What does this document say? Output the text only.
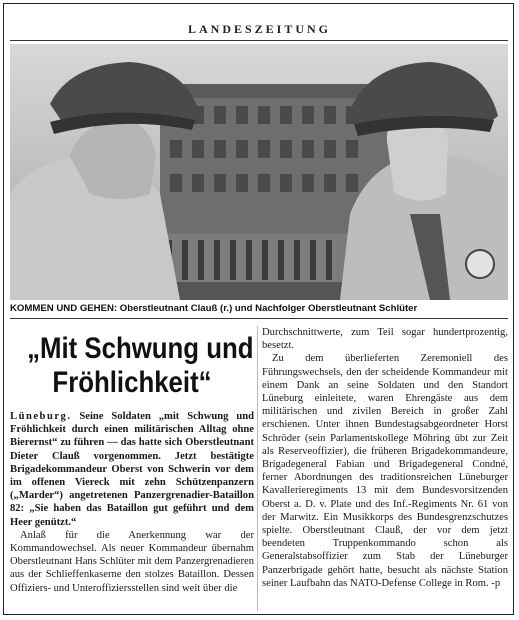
LANDESZEITUNG
KOMMEN UND GEHEN: Oberstleutnant Clauß (r.) und Nachfolger Oberstleutnant Schlüter
„Mit Schwung und
Fröhlichkeit“

Lüneburg. Seine Soldaten „mit Schwung und Fröhlichkeit durch einen militärischen Alltag ohne Bierernst“ zu führen — das hatte sich Oberstleutnant Dieter Clauß vorgenommen. Jetzt bestätigte Brigadekommandeur Oberst von Schwerin vor dem im offenen Viereck mit zehn Schützenpanzern („Marder“) angetretenen Panzergrenadier-Bataillon 82: „Sie haben das Bataillon gut geführt und dem Heer genützt.“

Anlaß für die Anerkennung war der Kommandowechsel. Als neuer Kommandeur übernahm Oberstleutnant Hans Schlüter mit dem Panzergrenadieren aus der Schlieffenkaserne den stolzes Bataillon. Dessen Offiziers- und Unteroffiziersstellen sind weit über die

Durchschnittwerte, zum Teil sogar hundertprozentig, besetzt.

Zu dem überlieferten Zeremoniell des Führungswechsels, den der scheidende Kommandeur mit einem Dank an seine Soldaten und den Standort Lüneburg einleitete, waren Ehrengäste aus dem militärischen und zivilen Bereich in großer Zahl erschienen. Unter ihnen Bundestagsabgeordneter Horst Schröder (sein Parlamentskollege Möhring übt zur Zeit als Reserveoffizier), die früheren Brigadekommandeure, Brigadegeneral Fabian und Brigadegeneral Condné, ferner Abordnungen des traditionsreichen Lüneburger Kavallerieregiments 13 mit dem Bundesvorsitzenden Oberst a. D. v. Plate und des Inf.-Regiments Nr. 61 von der Marwitz. Ein Musikkorps des Bundesgrenzschutzes spielte. Oberstleutnant Clauß, der vor dem jetzt beendeten Truppenkommando schon als Generalstabsoffizier zum Stab der Lüneburger Panzerbrigade gehört hatte, besucht als nächste Station seiner Laufbahn das NATO-Defense College in Rom. -p
